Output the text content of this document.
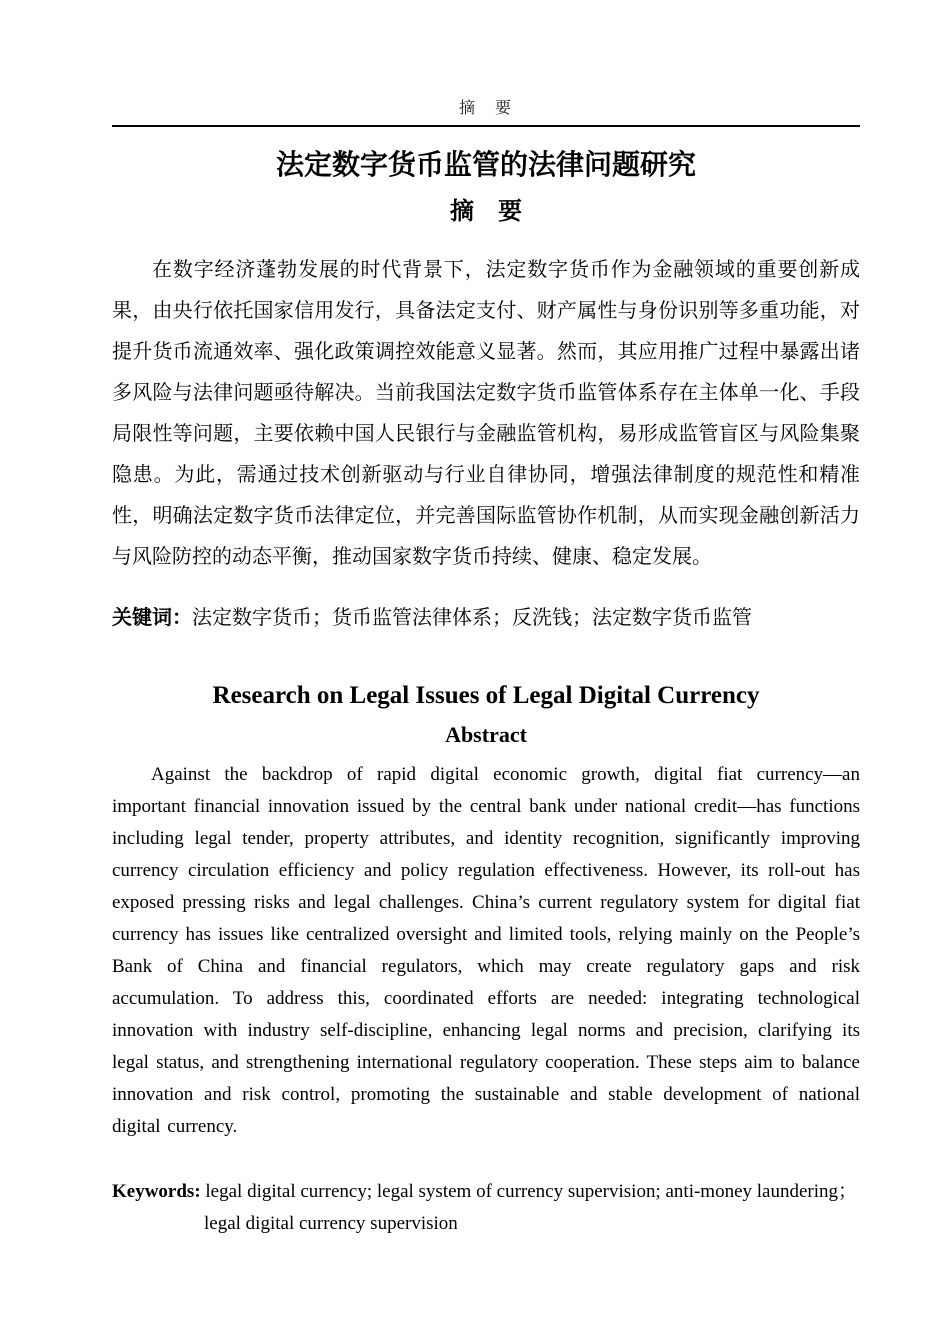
摘　要
法定数字货币监管的法律问题研究
摘　要

在数字经济蓬勃发展的时代背景下，法定数字货币作为金融领域的重要创新成果，由央行依托国家信用发行，具备法定支付、财产属性与身份识别等多重功能，对提升货币流通效率、强化政策调控效能意义显著。然而，其应用推广过程中暴露出诸多风险与法律问题亟待解决。当前我国法定数字货币监管体系存在主体单一化、手段局限性等问题，主要依赖中国人民银行与金融监管机构，易形成监管盲区与风险集聚隐患。为此，需通过技术创新驱动与行业自律协同，增强法律制度的规范性和精准性，明确法定数字货币法律定位，并完善国际监管协作机制，从而实现金融创新活力与风险防控的动态平衡，推动国家数字货币持续、健康、稳定发展。

关键词：法定数字货币；货币监管法律体系；反洗钱；法定数字货币监管

Research on Legal Issues of Legal Digital Currency
Abstract

Against the backdrop of rapid digital economic growth, digital fiat currency—an important financial innovation issued by the central bank under national credit—has functions including legal tender, property attributes, and identity recognition, significantly improving currency circulation efficiency and policy regulation effectiveness. However, its roll-out has exposed pressing risks and legal challenges. China’s current regulatory system for digital fiat currency has issues like centralized oversight and limited tools, relying mainly on the People’s Bank of China and financial regulators, which may create regulatory gaps and risk accumulation. To address this, coordinated efforts are needed: integrating technological innovation with industry self-discipline, enhancing legal norms and precision, clarifying its legal status, and strengthening international regulatory cooperation. These steps aim to balance innovation and risk control, promoting the sustainable and stable development of national digital currency.

Keywords: legal digital currency; legal system of currency supervision; anti-money laundering；legal digital currency supervision
